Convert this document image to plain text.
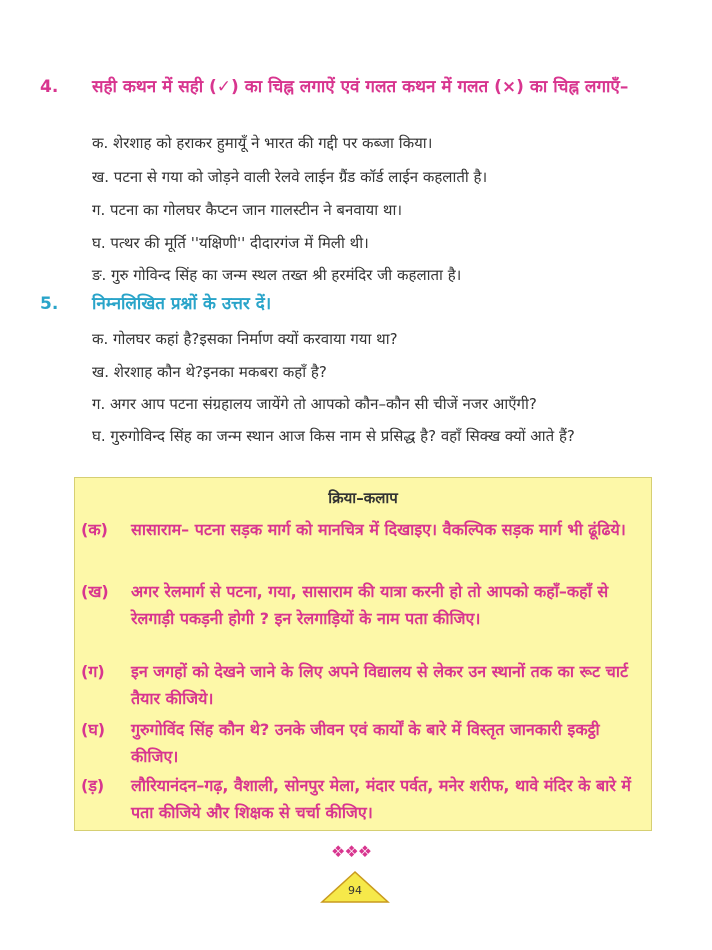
4.	सही कथन में सही (✓) का चिह्न लगाऐं एवं गलत कथन में गलत (×) का चिह्न लगाएँ–
क. शेरशाह को हराकर हुमायूँ ने भारत की गद्दी पर कब्जा किया।
ख. पटना से गया को जोड़ने वाली रेलवे लाईन ग्रैंड कॉर्ड लाईन कहलाती है।
ग. पटना का गोलघर कैप्टन जान गालस्टीन ने बनवाया था।
घ. पत्थर की मूर्ति ''यक्षिणी'' दीदारगंज में मिली थी।
ङ. गुरु गोविन्द सिंह का जन्म स्थल तख्त श्री हरमंदिर जी कहलाता है।
5.	निम्नलिखित प्रश्नों के उत्तर दें।
क. गोलघर कहां है?इसका निर्माण क्यों करवाया गया था?
ख. शेरशाह कौन थे?इनका मकबरा कहाँ है?
ग. अगर आप पटना संग्रहालय जायेंगे तो आपको कौन–कौन सी चीजें नजर आएँगी?
घ. गुरुगोविन्द सिंह का जन्म स्थान आज किस नाम से प्रसिद्ध है? वहाँ सिक्ख क्यों आते हैं?
क्रिया–कलाप
(क)	सासाराम– पटना सड़क मार्ग को मानचित्र में दिखाइए। वैकल्पिक सड़क मार्ग भी ढूंढिये।
(ख)	अगर रेलमार्ग से पटना, गया, सासाराम की यात्रा करनी हो तो आपको कहाँ–कहाँ से रेलगाड़ी पकड़नी होगी ? इन रेलगाड़ियों के नाम पता कीजिए।
(ग)	इन जगहों को देखने जाने के लिए अपने विद्यालय से लेकर उन स्थानों तक का रूट चार्ट तैयार कीजिये।
(घ)	गुरुगोविंद सिंह कौन थे? उनके जीवन एवं कार्यों के बारे में विस्तृत जानकारी इकट्ठी कीजिए।
(ड़)	लौरियानंदन–गढ़, वैशाली, सोनपुर मेला, मंदार पर्वत, मनेर शरीफ, थावे मंदिर के बारे में पता कीजिये और शिक्षक से चर्चा कीजिए।
❖❖❖
94
